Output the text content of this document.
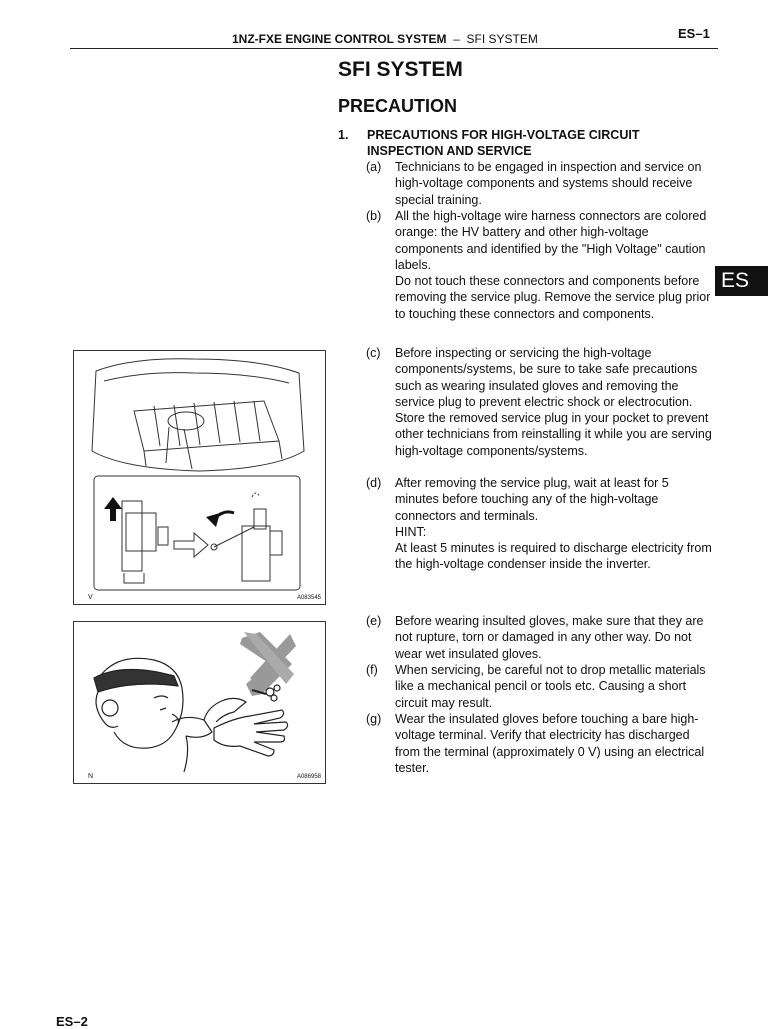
1NZ-FXE ENGINE CONTROL SYSTEM – SFI SYSTEM	ES–1
SFI SYSTEM
PRECAUTION
1. PRECAUTIONS FOR HIGH-VOLTAGE CIRCUIT INSPECTION AND SERVICE
(a) Technicians to be engaged in inspection and service on high-voltage components and systems should receive special training.
(b) All the high-voltage wire harness connectors are colored orange: the HV battery and other high-voltage components and identified by the "High Voltage" caution labels.
Do not touch these connectors and components before removing the service plug. Remove the service plug prior to touching these connectors and components.
ES
(c) Before inspecting or servicing the high-voltage components/systems, be sure to take safe precautions such as wearing insulated gloves and removing the service plug to prevent electric shock or electrocution. Store the removed service plug in your pocket to prevent other technicians from reinstalling it while you are serving high-voltage components/systems.
(d) After removing the service plug, wait at least for 5 minutes before touching any of the high-voltage connectors and terminals.
HINT:
At least 5 minutes is required to discharge electricity from the high-voltage condenser inside the inverter.
(e) Before wearing insulted gloves, make sure that they are not rupture, torn or damaged in any other way. Do not wear wet insulated gloves.
(f) When servicing, be careful not to drop metallic materials like a mechanical pencil or tools etc. Causing a short circuit may result.
(g) Wear the insulated gloves before touching a bare high-voltage terminal. Verify that electricity has discharged from the terminal (approximately 0 V) using an electrical tester.
V	A083545
N	A086958
ES–2
